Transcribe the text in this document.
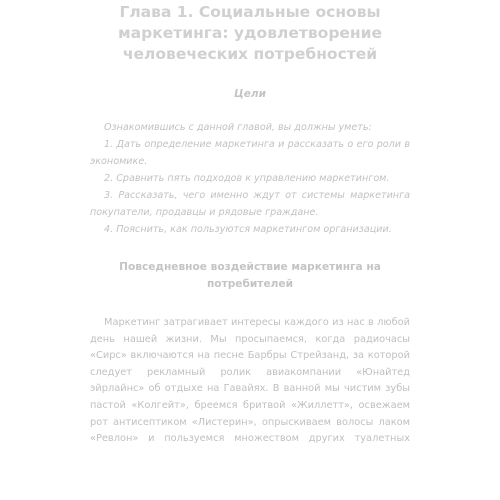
Глава 1. Социальные основы маркетинга: удовлетворение человеческих потребностей
Цели

Ознакомившись с данной главой, вы должны уметь:

1. Дать определение маркетинга и рассказать о его роли в экономике.

2. Сравнить пять подходов к управлению маркетингом.

3. Рассказать, чего именно ждут от системы маркетинга покупатели, продавцы и рядовые граждане.

4. Пояснить, как пользуются маркетингом организации.

Повседневное воздействие маркетинга на потребителей

Маркетинг затрагивает интересы каждого из нас в любой день нашей жизни. Мы просыпаемся, когда радиочасы «Сирс» включаются на песне Барбры Стрейзанд, за которой следует рекламный ролик авиакомпании «Юнайтед эйрлайнс» об отдыхе на Гавайях. В ванной мы чистим зубы пастой «Колгейт», бреемся бритвой «Жиллетт», освежаем рот антисептиком «Листерин», опрыскиваем волосы лаком «Ревлон» и пользуемся множеством других туалетных
